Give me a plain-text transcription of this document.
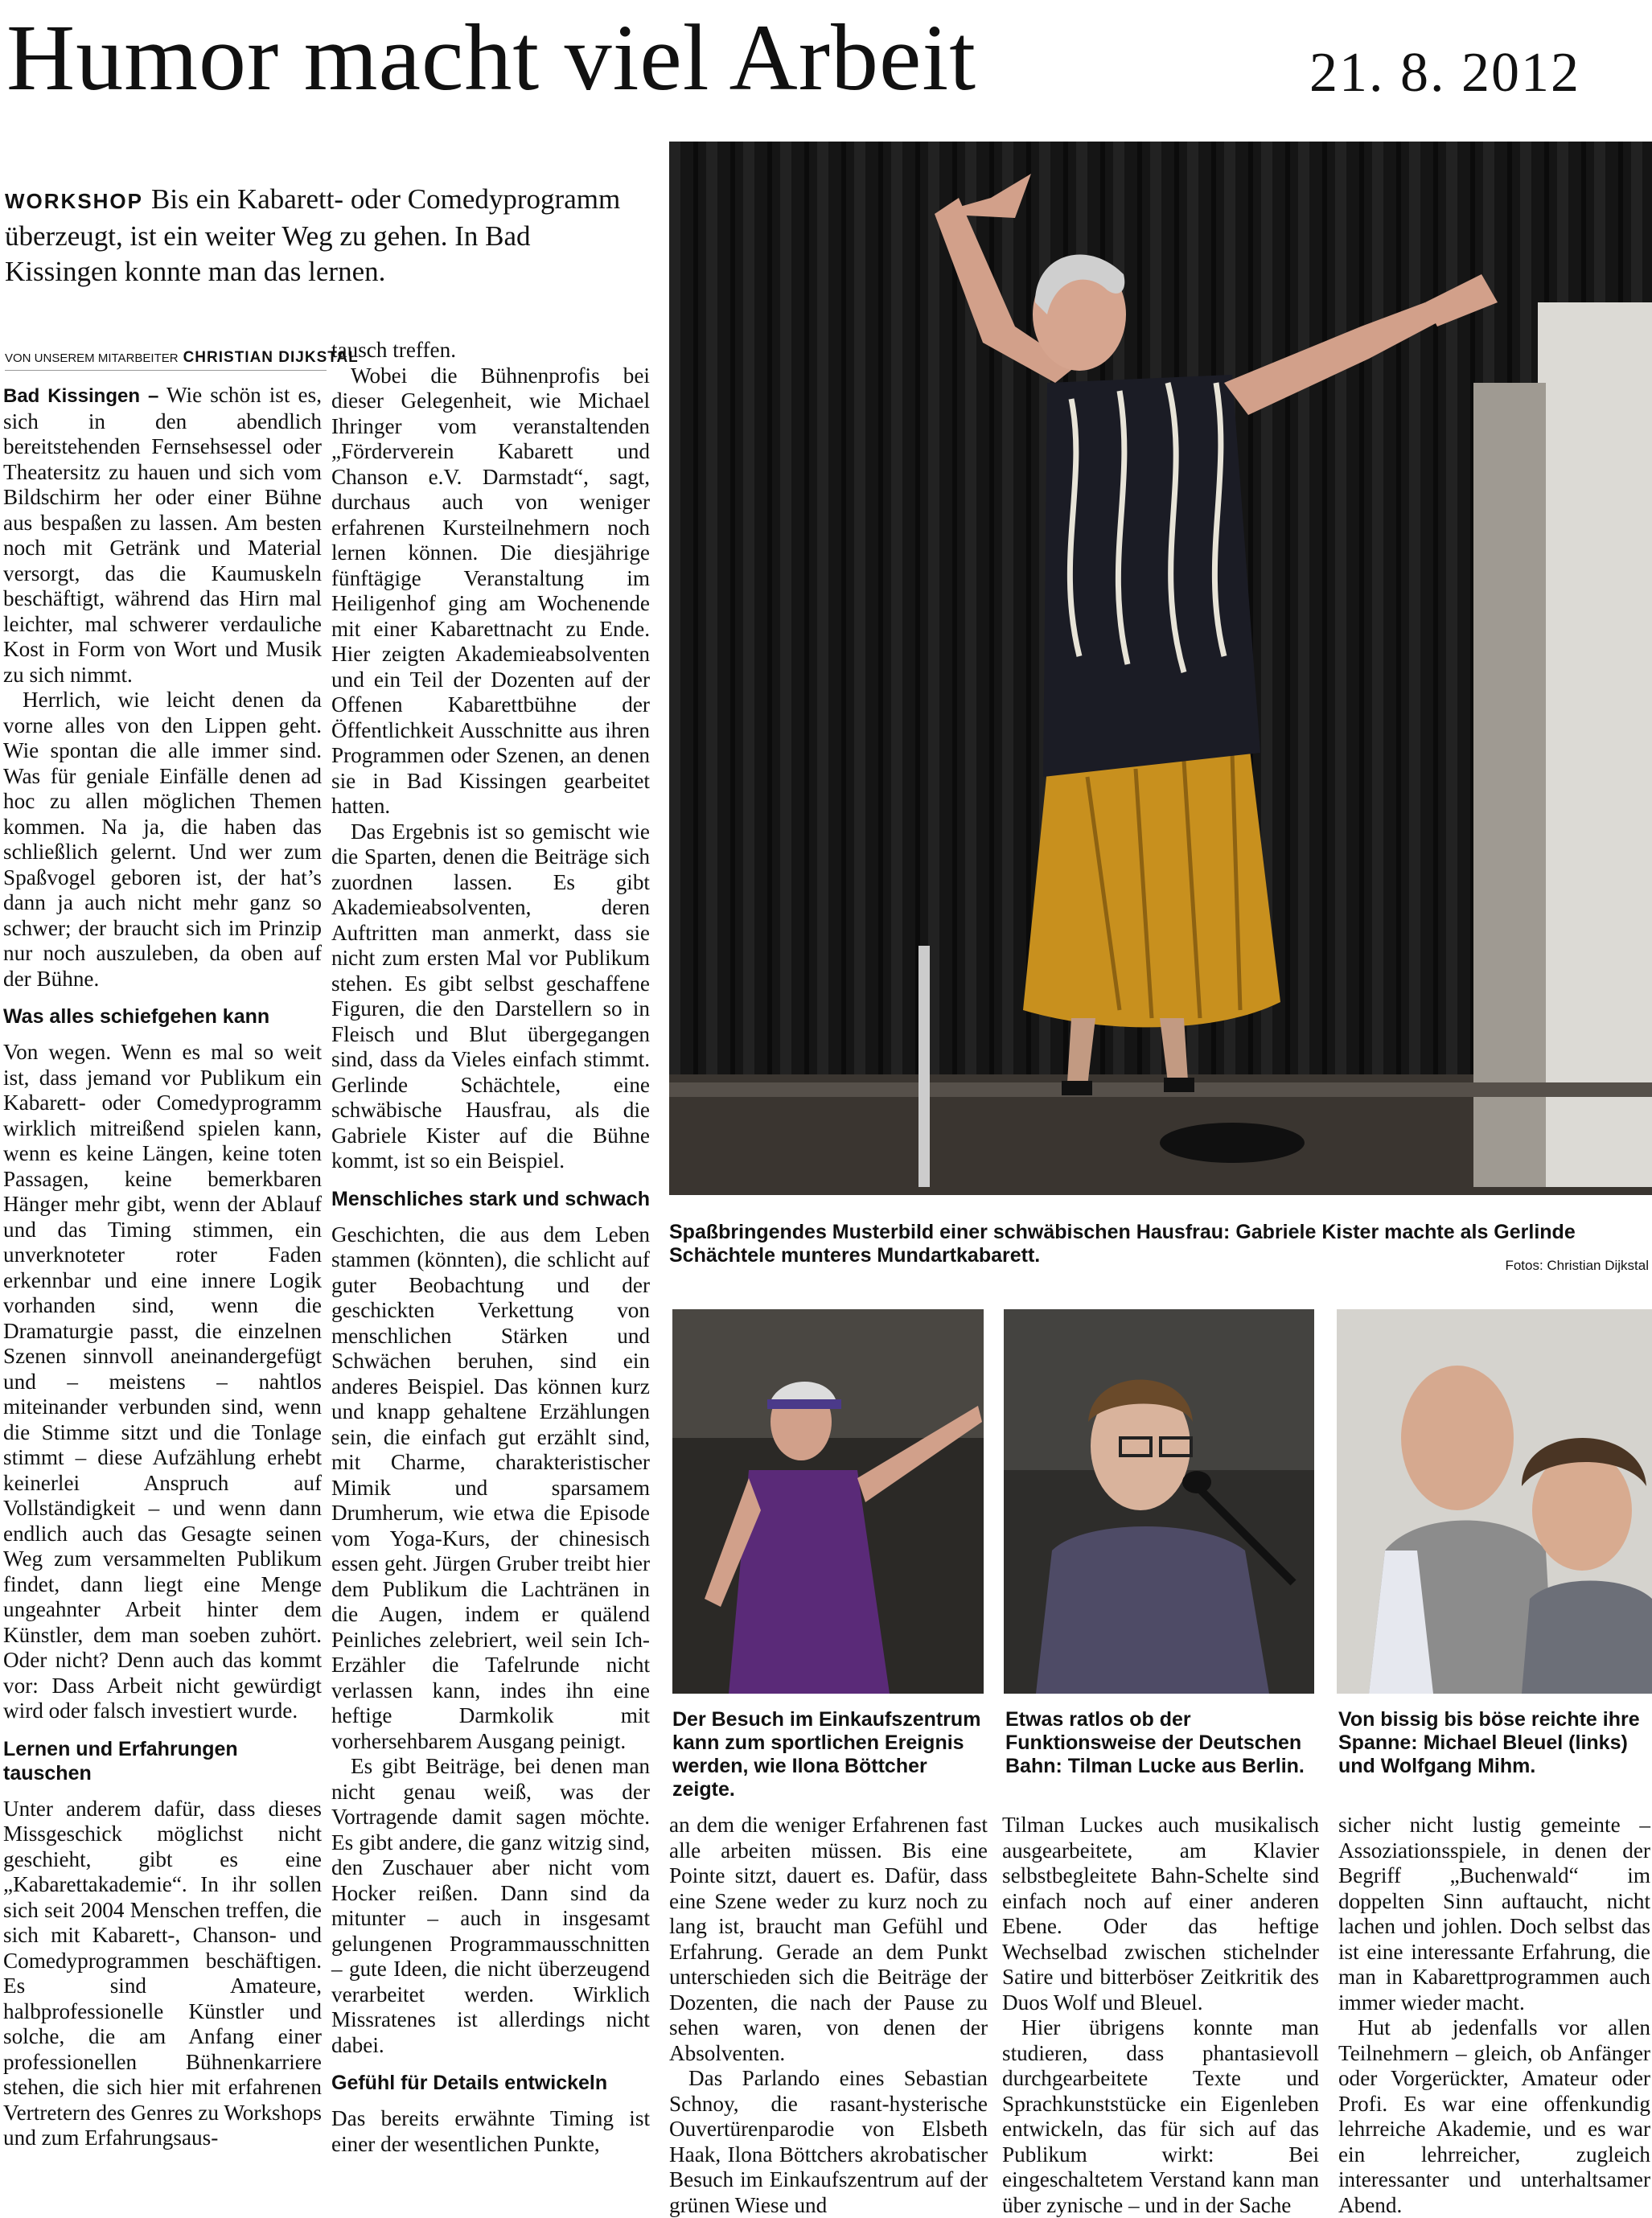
Humor macht viel Arbeit	21. 8. 2012
WORKSHOP Bis ein Kabarett- oder Comedyprogramm überzeugt, ist ein weiter Weg zu gehen. In Bad Kissingen konnte man das lernen.
VON UNSEREM MITARBEITER CHRISTIAN DIJKSTAL

Bad Kissingen – Wie schön ist es, sich in den abendlich bereitstehenden Fernsehsessel oder Theatersitz zu hauen und sich vom Bildschirm her oder einer Bühne aus bespaßen zu lassen. Am besten noch mit Getränk und Material versorgt, das die Kaumuskeln beschäftigt, während das Hirn mal leichter, mal schwerer verdauliche Kost in Form von Wort und Musik zu sich nimmt.

Herrlich, wie leicht denen da vorne alles von den Lippen geht. Wie spontan die alle immer sind. Was für geniale Einfälle denen ad hoc zu allen möglichen Themen kommen. Na ja, die haben das schließlich gelernt. Und wer zum Spaßvogel geboren ist, der hat’s dann ja auch nicht mehr ganz so schwer; der braucht sich im Prinzip nur noch auszuleben, da oben auf der Bühne.

Was alles schiefgehen kann

Von wegen. Wenn es mal so weit ist, dass jemand vor Publikum ein Kabarett- oder Comedyprogramm wirklich mitreißend spielen kann, wenn es keine Längen, keine toten Passagen, keine bemerkbaren Hänger mehr gibt, wenn der Ablauf und das Timing stimmen, ein unverknoteter roter Faden erkennbar und eine innere Logik vorhanden sind, wenn die Dramaturgie passt, die einzelnen Szenen sinnvoll aneinandergefügt und – meistens – nahtlos miteinander verbunden sind, wenn die Stimme sitzt und die Tonlage stimmt – diese Aufzählung erhebt keinerlei Anspruch auf Vollständigkeit – und wenn dann endlich auch das Gesagte seinen Weg zum versammelten Publikum findet, dann liegt eine Menge ungeahnter Arbeit hinter dem Künstler, dem man soeben zuhört. Oder nicht? Denn auch das kommt vor: Dass Arbeit nicht gewürdigt wird oder falsch investiert wurde.

Lernen und Erfahrungen tauschen

Unter anderem dafür, dass dieses Missgeschick möglichst nicht geschieht, gibt es eine „Kabarettakademie“. In ihr sollen sich seit 2004 Menschen treffen, die sich mit Kabarett-, Chanson- und Comedyprogrammen beschäftigen. Es sind Amateure, halbprofessionelle Künstler und solche, die am Anfang einer professionellen Bühnenkarriere stehen, die sich hier mit erfahrenen Vertretern des Genres zu Workshops und zum Erfahrungsaus-

tausch treffen.

Wobei die Bühnenprofis bei dieser Gelegenheit, wie Michael Ihringer vom veranstaltenden „Förderverein Kabarett und Chanson e.V. Darmstadt“, sagt, durchaus auch von weniger erfahrenen Kursteilnehmern noch lernen können. Die diesjährige fünftägige Veranstaltung im Heiligenhof ging am Wochenende mit einer Kabarettnacht zu Ende. Hier zeigten Akademieabsolventen und ein Teil der Dozenten auf der Offenen Kabarettbühne der Öffentlichkeit Ausschnitte aus ihren Programmen oder Szenen, an denen sie in Bad Kissingen gearbeitet hatten.

Das Ergebnis ist so gemischt wie die Sparten, denen die Beiträge sich zuordnen lassen. Es gibt Akademieabsolventen, deren Auftritten man anmerkt, dass sie nicht zum ersten Mal vor Publikum stehen. Es gibt selbst geschaffene Figuren, die den Darstellern so in Fleisch und Blut übergegangen sind, dass da Vieles einfach stimmt. Gerlinde Schächtele, eine schwäbische Hausfrau, als die Gabriele Kister auf die Bühne kommt, ist so ein Beispiel.

Menschliches stark und schwach

Geschichten, die aus dem Leben stammen (könnten), die schlicht auf guter Beobachtung und der geschickten Verkettung von menschlichen Stärken und Schwächen beruhen, sind ein anderes Beispiel. Das können kurz und knapp gehaltene Erzählungen sein, die einfach gut erzählt sind, mit Charme, charakteristischer Mimik und sparsamem Drumherum, wie etwa die Episode vom Yoga-Kurs, der chinesisch essen geht. Jürgen Gruber treibt hier dem Publikum die Lachtränen in die Augen, indem er quälend Peinliches zelebriert, weil sein Ich-Erzähler die Tafelrunde nicht verlassen kann, indes ihn eine heftige Darmkolik mit vorhersehbarem Ausgang peinigt.

Es gibt Beiträge, bei denen man nicht genau weiß, was der Vortragende damit sagen möchte. Es gibt andere, die ganz witzig sind, den Zuschauer aber nicht vom Hocker reißen. Dann sind da mitunter – auch in insgesamt gelungenen Programmausschnitten – gute Ideen, die nicht überzeugend verarbeitet werden. Wirklich Missratenes ist allerdings nicht dabei.

Gefühl für Details entwickeln

Das bereits erwähnte Timing ist einer der wesentlichen Punkte,

Spaßbringendes Musterbild einer schwäbischen Hausfrau: Gabriele Kister machte als Gerlinde Schächtele munteres Mundartkabarett.	Fotos: Christian Dijkstal
Der Besuch im Einkaufszentrum kann zum sportlichen Ereignis werden, wie Ilona Böttcher zeigte.
Etwas ratlos ob der Funktionsweise der Deutschen Bahn: Tilman Lucke aus Berlin.
Von bissig bis böse reichte ihre Spanne: Michael Bleuel (links) und Wolfgang Mihm.

an dem die weniger Erfahrenen fast alle arbeiten müssen. Bis eine Pointe sitzt, dauert es. Dafür, dass eine Szene weder zu kurz noch zu lang ist, braucht man Gefühl und Erfahrung. Gerade an dem Punkt unterschieden sich die Beiträge der Dozenten, die nach der Pause zu sehen waren, von denen der Absolventen.

Das Parlando eines Sebastian Schnoy, die rasant-hysterische Ouvertürenparodie von Elsbeth Haak, Ilona Böttchers akrobatischer Besuch im Einkaufszentrum auf der grünen Wiese und

Tilman Luckes auch musikalisch ausgearbeitete, am Klavier selbstbegleitete Bahn-Schelte sind einfach noch auf einer anderen Ebene. Oder das heftige Wechselbad zwischen stichelnder Satire und bitterböser Zeitkritik des Duos Wolf und Bleuel.

Hier übrigens konnte man studieren, dass phantasievoll durchgearbeitete Texte und Sprachkunststücke ein Eigenleben entwickeln, das für sich auf das Publikum wirkt: Bei eingeschaltetem Verstand kann man über zynische – und in der Sache

sicher nicht lustig gemeinte – Assoziationsspiele, in denen der Begriff „Buchenwald“ im doppelten Sinn auftaucht, nicht lachen und johlen. Doch selbst das ist eine interessante Erfahrung, die man in Kabarettprogrammen auch immer wieder macht.

Hut ab jedenfalls vor allen Teilnehmern – gleich, ob Anfänger oder Vorgerückter, Amateur oder Profi. Es war eine offenkundig lehrreiche Akademie, und es war ein lehrreicher, zugleich interessanter und unterhaltsamer Abend.
